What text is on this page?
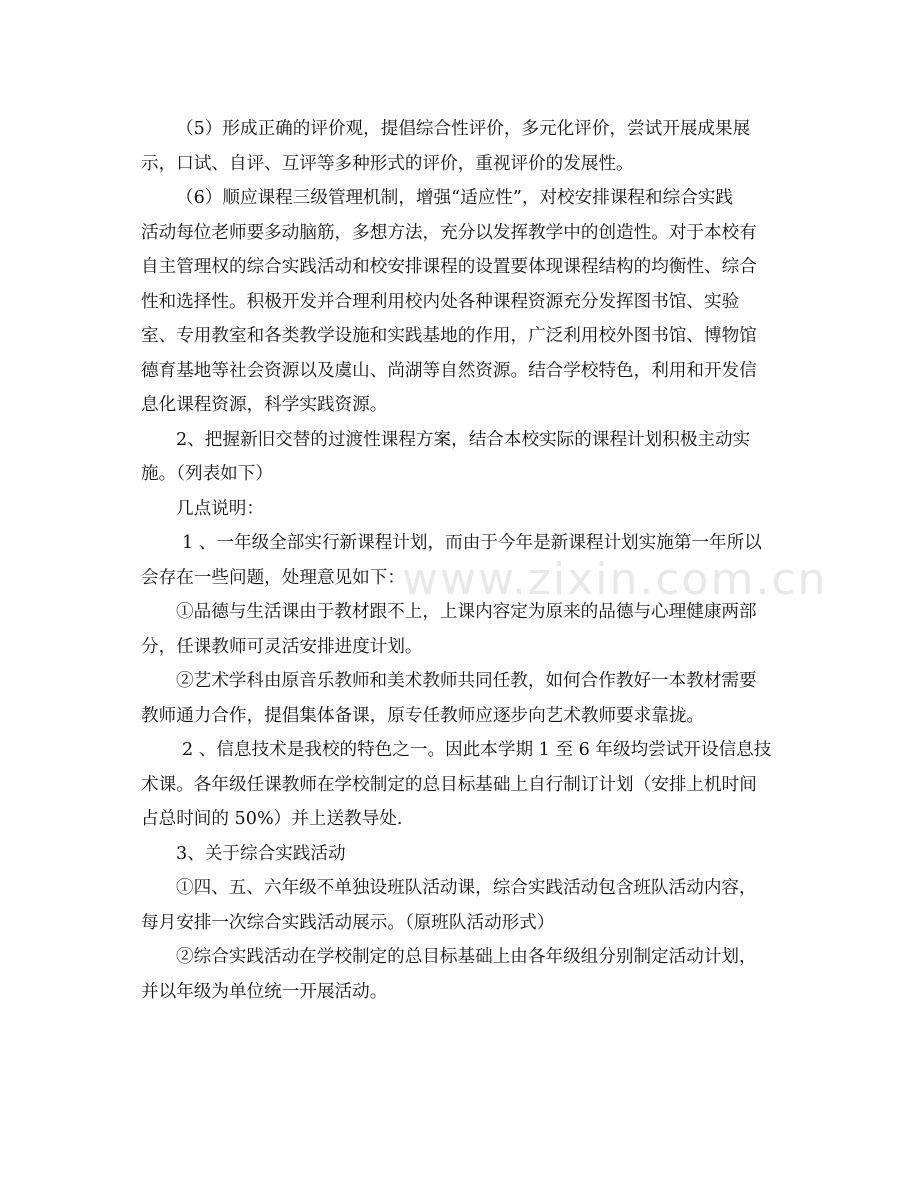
（5）形成正确的评价观，提倡综合性评价，多元化评价，尝试开展成果展
示，口试、自评、互评等多种形式的评价，重视评价的发展性。
（6）顺应课程三级管理机制，增强“适应性”，对校安排课程和综合实践
活动每位老师要多动脑筋，多想方法，充分以发挥教学中的创造性。对于本校有
自主管理权的综合实践活动和校安排课程的设置要体现课程结构的均衡性、综合
性和选择性。积极开发并合理利用校内处各种课程资源充分发挥图书馆、实验
室、专用教室和各类教学设施和实践基地的作用，广泛利用校外图书馆、博物馆
德育基地等社会资源以及虞山、尚湖等自然资源。结合学校特色，利用和开发信
息化课程资源，科学实践资源。
2、把握新旧交替的过渡性课程方案，结合本校实际的课程计划积极主动实
施。（列表如下）
几点说明：
1 、一年级全部实行新课程计划，而由于今年是新课程计划实施第一年所以
会存在一些问题，处理意见如下：
①品德与生活课由于教材跟不上，上课内容定为原来的品德与心理健康两部
分，任课教师可灵活安排进度计划。
②艺术学科由原音乐教师和美术教师共同任教，如何合作教好一本教材需要
教师通力合作，提倡集体备课，原专任教师应逐步向艺术教师要求靠拢。
2 、信息技术是我校的特色之一。因此本学期 1 至 6 年级均尝试开设信息技
术课。各年级任课教师在学校制定的总目标基础上自行制订计划（安排上机时间
占总时间的 50%）并上送教导处.
3、关于综合实践活动
①四、五、六年级不单独设班队活动课，综合实践活动包含班队活动内容，
每月安排一次综合实践活动展示。（原班队活动形式）
②综合实践活动在学校制定的总目标基础上由各年级组分别制定活动计划，
并以年级为单位统一开展活动。
www.zixin.com.cn
